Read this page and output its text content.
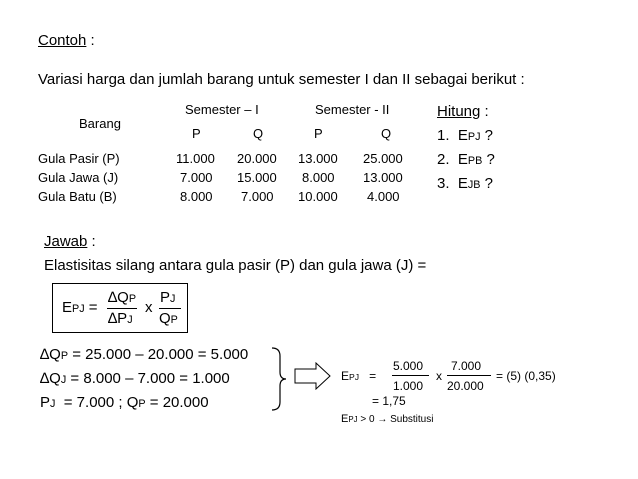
Contoh :
Variasi harga dan jumlah barang untuk semester I dan II sebagai berikut :
Barang
Semester – I	Semester - II
P	Q	P	Q
Gula Pasir (P)	11.000 20.000 13.000 25.000
Gula Jawa (J)	7.000 15.000 8.000 13.000
Gula Batu (B)	8.000 7.000 10.000 4.000
Hitung :
1. EPJ ?
2. EPB ?
3. EJB ?
Jawab :
Elastisitas silang antara gula pasir (P) dan gula jawa (J) =
EPJ =
∆QP
∆PJ
x
PJ
QP
∆QP = 25.000 – 20.000 = 5.000
∆QJ = 8.000 – 7.000 = 1.000
PJ  = 7.000 ; QP = 20.000
EPJ =
5.000
1.000
x
7.000
20.000
= (5) (0,35)
= 1,75
EPJ > 0 → Substitusi
